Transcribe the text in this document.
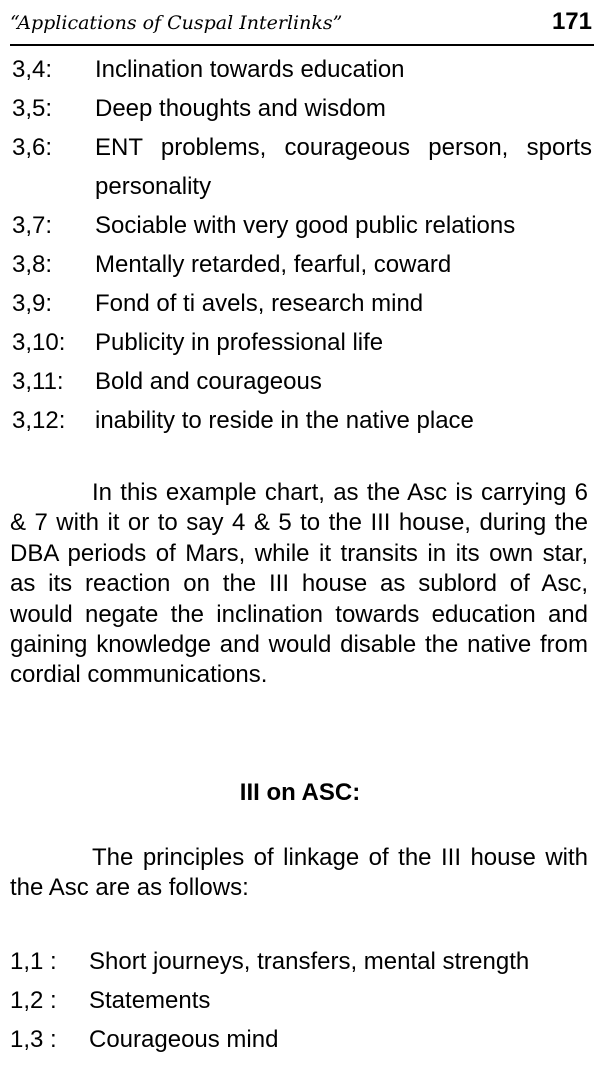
“Applications of Cuspal Interlinks”	171
3,4:	Inclination towards education
3,5:	Deep thoughts and wisdom
3,6:	ENT problems, courageous person, sports personality
3,7:	Sociable with very good public relations
3,8:	Mentally retarded, fearful, coward
3,9:	Fond of ti avels, research mind
3,10:	Publicity in professional life
3,11:	Bold and courageous
3,12:	inability to reside in the native place

In this example chart, as the Asc is carrying 6 & 7 with it or to say 4 & 5 to the III house, during the DBA periods of Mars, while it transits in its own star, as its reaction on the III house as sublord of Asc, would negate the inclination towards education and gaining knowledge and would disable the native from cordial communications.

III on ASC:

The principles of linkage of the III house with the Asc are as follows:

1,1 :	Short journeys, transfers, mental strength
1,2 :	Statements
1,3 :	Courageous mind
